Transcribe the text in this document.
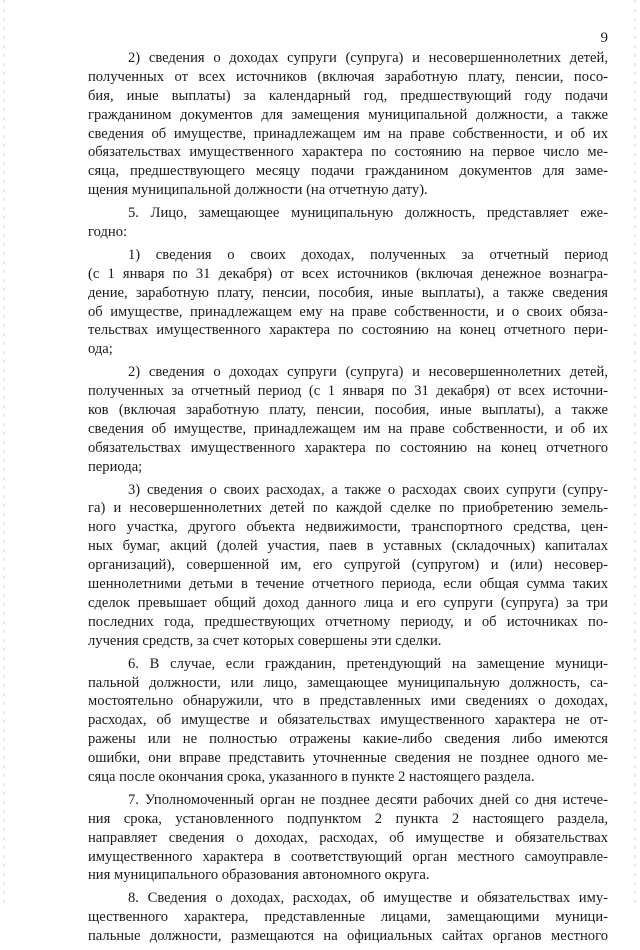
9
2) сведения о доходах супруги (супруга) и несовершеннолетних детей,
полученных от всех источников (включая заработную плату, пенсии, посо-
бия, иные выплаты) за календарный год, предшествующий году подачи
гражданином документов для замещения муниципальной должности, а также
сведения об имуществе, принадлежащем им на праве собственности, и об их
обязательствах имущественного характера по состоянию на первое число ме-
сяца, предшествующего месяцу подачи гражданином документов для заме-
щения муниципальной должности (на отчетную дату).
5. Лицо, замещающее муниципальную должность, представляет еже-
годно:
1) сведения о своих доходах, полученных за отчетный период
(с 1 января по 31 декабря) от всех источников (включая денежное вознагра-
дение, заработную плату, пенсии, пособия, иные выплаты), а также сведения
об имуществе, принадлежащем ему на праве собственности, и о своих обяза-
тельствах имущественного характера по состоянию на конец отчетного пери-
ода;
2) сведения о доходах супруги (супруга) и несовершеннолетних детей,
полученных за отчетный период (с 1 января по 31 декабря) от всех источни-
ков (включая заработную плату, пенсии, пособия, иные выплаты), а также
сведения об имуществе, принадлежащем им на праве собственности, и об их
обязательствах имущественного характера по состоянию на конец отчетного
периода;
3) сведения о своих расходах, а также о расходах своих супруги (супру-
га) и несовершеннолетних детей по каждой сделке по приобретению земель-
ного участка, другого объекта недвижимости, транспортного средства, цен-
ных бумаг, акций (долей участия, паев в уставных (складочных) капиталах
организаций), совершенной им, его супругой (супругом) и (или) несовер-
шеннолетними детьми в течение отчетного периода, если общая сумма таких
сделок превышает общий доход данного лица и его супруги (супруга) за три
последних года, предшествующих отчетному периоду, и об источниках по-
лучения средств, за счет которых совершены эти сделки.
6. В случае, если гражданин, претендующий на замещение муници-
пальной должности, или лицо, замещающее муниципальную должность, са-
мостоятельно обнаружили, что в представленных ими сведениях о доходах,
расходах, об имуществе и обязательствах имущественного характера не от-
ражены или не полностью отражены какие-либо сведения либо имеются
ошибки, они вправе представить уточненные сведения не позднее одного ме-
сяца после окончания срока, указанного в пункте 2 настоящего раздела.
7. Уполномоченный орган не позднее десяти рабочих дней со дня истече-
ния срока, установленного подпунктом 2 пункта 2 настоящего раздела,
направляет сведения о доходах, расходах, об имуществе и обязательствах
имущественного характера в соответствующий орган местного самоуправле-
ния муниципального образования автономного округа.
8. Сведения о доходах, расходах, об имуществе и обязательствах иму-
щественного характера, представленные лицами, замещающими муници-
пальные должности, размещаются на официальных сайтах органов местного
